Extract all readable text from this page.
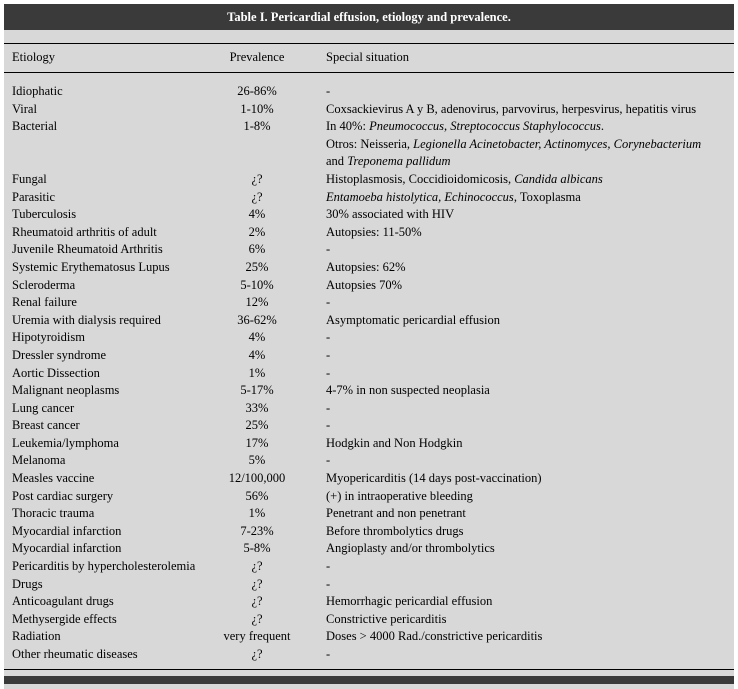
Table I. Pericardial effusion, etiology and prevalence.
Etiology	Prevalence	Special situation
Idiophatic	26-86%	-
Viral	1-10%	Coxsackievirus A y B, adenovirus, parvovirus, herpesvirus, hepatitis virus
Bacterial	1-8%	In 40%: Pneumococcus, Streptococcus Staphylococcus.
Otros: Neisseria, Legionella Acinetobacter, Actinomyces, Corynebacterium
and Treponema pallidum
Fungal	¿?	Histoplasmosis, Coccidioidomicosis, Candida albicans
Parasitic	¿?	Entamoeba histolytica, Echinococcus, Toxoplasma
Tuberculosis	4%	30% associated with HIV
Rheumatoid arthritis of adult	2%	Autopsies: 11-50%
Juvenile Rheumatoid Arthritis	6%	-
Systemic Erythematosus Lupus	25%	Autopsies: 62%
Scleroderma	5-10%	Autopsies 70%
Renal failure	12%	-
Uremia with dialysis required	36-62%	Asymptomatic pericardial effusion
Hipotyroidism	4%	-
Dressler syndrome	4%	-
Aortic Dissection	1%	-
Malignant neoplasms	5-17%	4-7% in non suspected neoplasia
Lung cancer	33%	-
Breast cancer	25%	-
Leukemia/lymphoma	17%	Hodgkin and Non Hodgkin
Melanoma	5%	-
Measles vaccine	12/100,000	Myopericarditis (14 days post-vaccination)
Post cardiac surgery	56%	(+) in intraoperative bleeding
Thoracic trauma	1%	Penetrant and non penetrant
Myocardial infarction	7-23%	Before thrombolytics drugs
Myocardial infarction	5-8%	Angioplasty and/or thrombolytics
Pericarditis by hypercholesterolemia	¿?	-
Drugs	¿?	-
Anticoagulant drugs	¿?	Hemorrhagic pericardial effusion
Methysergide effects	¿?	Constrictive pericarditis
Radiation	very frequent	Doses > 4000 Rad./constrictive pericarditis
Other rheumatic diseases	¿?	-
